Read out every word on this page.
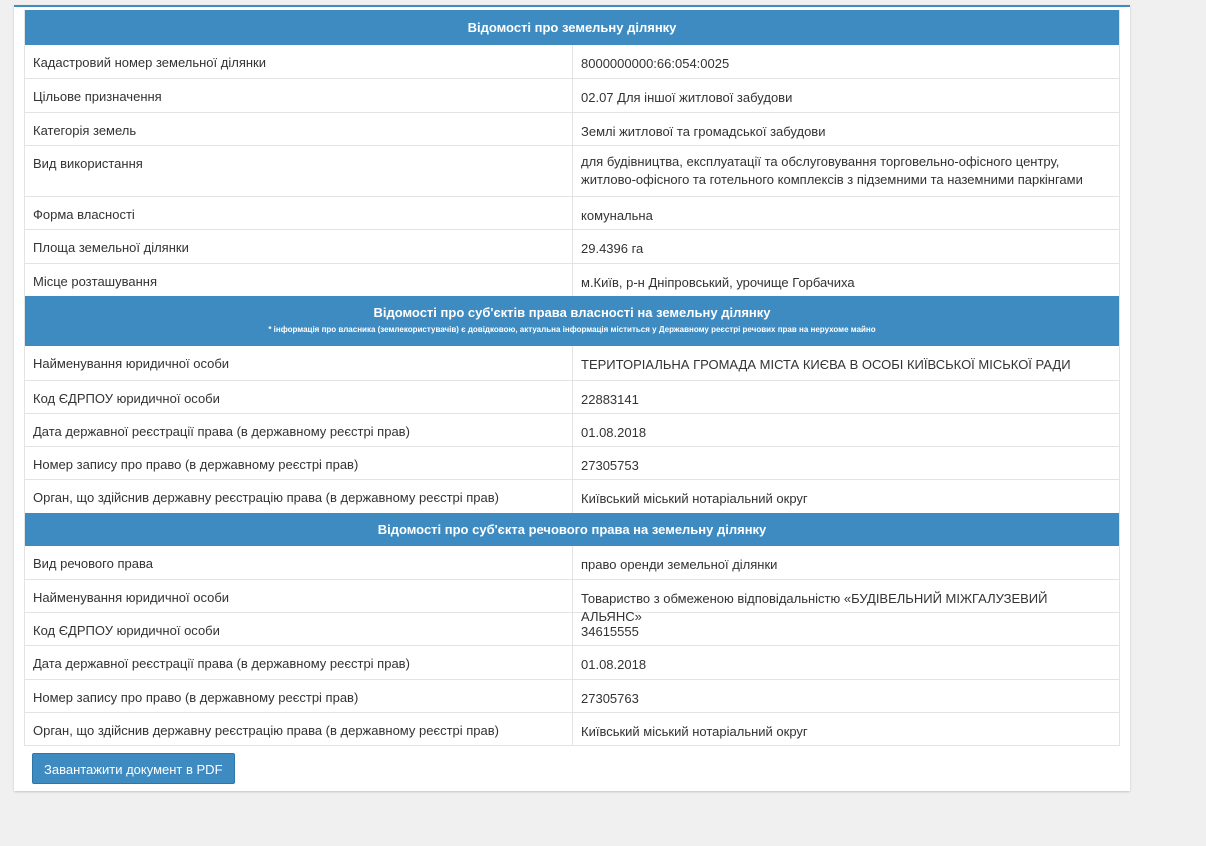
Відомості про земельну ділянку
Кадастровий номер земельної ділянки	8000000000:66:054:0025
Цільове призначення	02.07 Для іншої житлової забудови
Категорія земель	Землі житлової та громадської забудови
Вид використання	для будівництва, експлуатації та обслуговування торговельно-офісного центру, житлово-офісного та готельного комплексів з підземними та наземними паркінгами
Форма власності	комунальна
Площа земельної ділянки	29.4396 га
Місце розташування	м.Київ, р-н Дніпровський, урочище Горбачиха
Відомості про суб'єктів права власності на земельну ділянку
* інформація про власника (землекористувачів) є довідковою, актуальна інформація міститься у Державному реєстрі речових прав на нерухоме майно
Найменування юридичної особи	ТЕРИТОРІАЛЬНА ГРОМАДА МІСТА КИЄВА В ОСОБІ КИЇВСЬКОЇ МІСЬКОЇ РАДИ
Код ЄДРПОУ юридичної особи	22883141
Дата державної реєстрації права (в державному реєстрі прав)	01.08.2018
Номер запису про право (в державному реєстрі прав)	27305753
Орган, що здійснив державну реєстрацію права (в державному реєстрі прав)	Київський міський нотаріальний округ
Відомості про суб'єкта речового права на земельну ділянку
Вид речового права	право оренди земельної ділянки
Найменування юридичної особи	Товариство з обмеженою відповідальністю «БУДІВЕЛЬНИЙ МІЖГАЛУЗЕВИЙ АЛЬЯНС»
Код ЄДРПОУ юридичної особи	34615555
Дата державної реєстрації права (в державному реєстрі прав)	01.08.2018
Номер запису про право (в державному реєстрі прав)	27305763
Орган, що здійснив державну реєстрацію права (в державному реєстрі прав)	Київський міський нотаріальний округ
Завантажити документ в PDF
